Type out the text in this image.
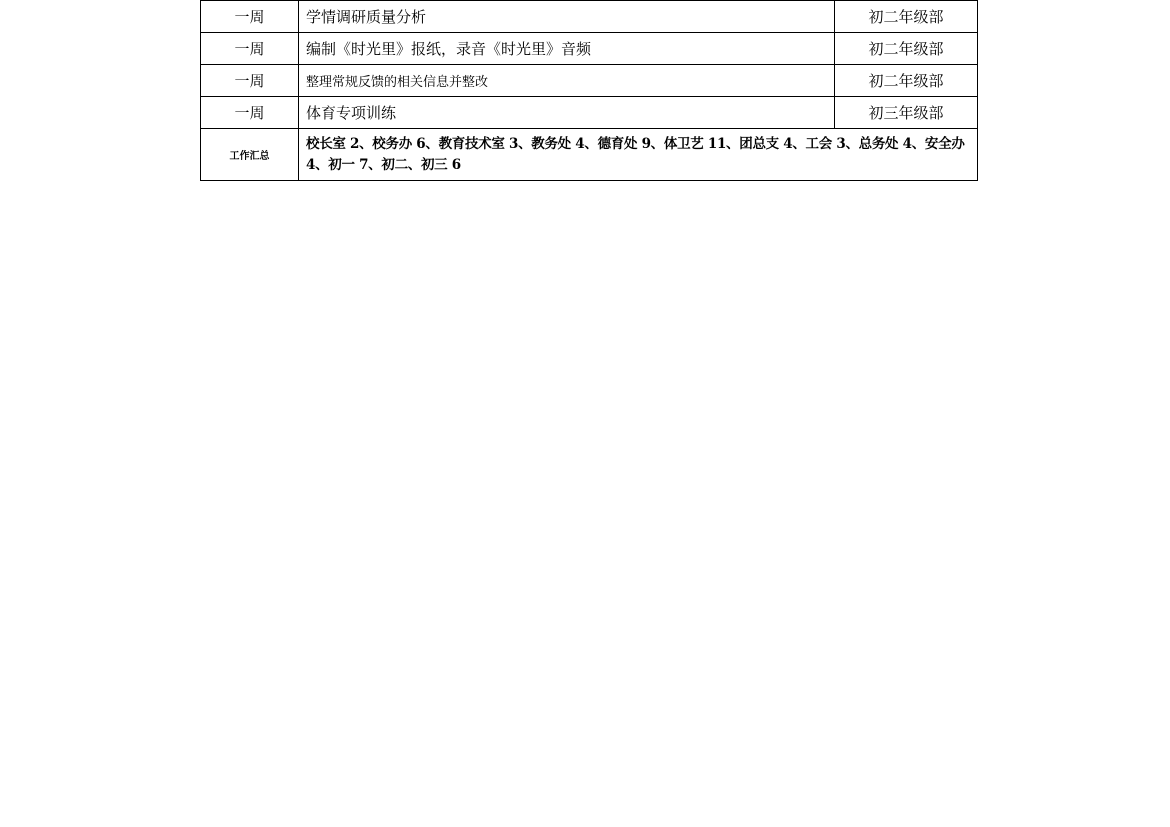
一周	学情调研质量分析	初二年级部
一周	编制《时光里》报纸，录音《时光里》音频	初二年级部
一周	整理常规反馈的相关信息并整改	初二年级部
一周	体育专项训练	初三年级部
工作汇总	校长室 2、校务办 6、教育技术室 3、教务处 4、德育处 9、体卫艺 11、团总支 4、工会 3、总务处 4、安全办 4、初一 7、初二、初三 6	
